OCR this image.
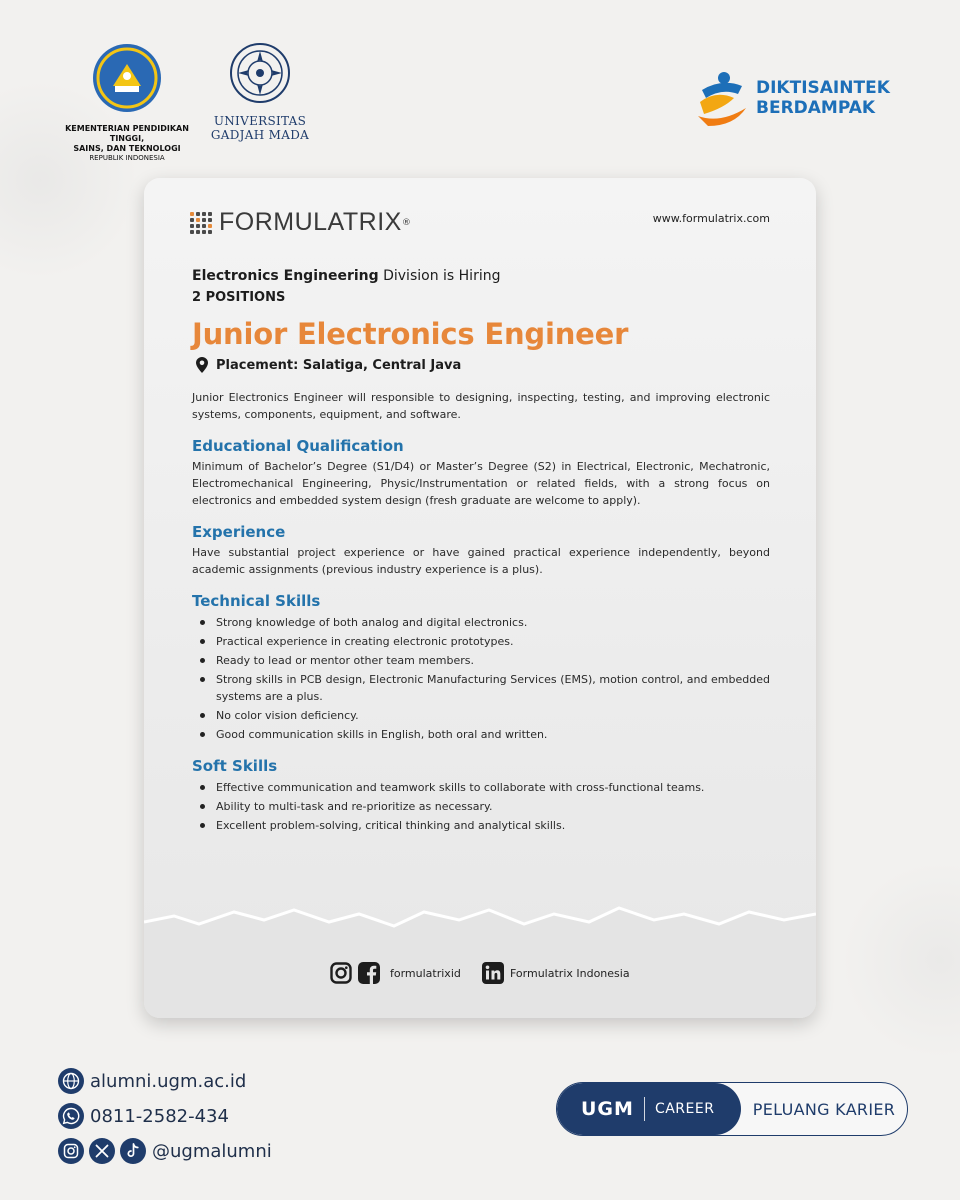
KEMENTERIAN PENDIDIKAN TINGGI,
SAINS, DAN TEKNOLOGI
REPUBLIK INDONESIA
UNIVERSITAS
GADJAH MADA
DIKTISAINTEK
BERDAMPAK
FORMULATRIX ®	www.formulatrix.com
Electronics Engineering Division is Hiring
2 POSITIONS
Junior Electronics Engineer
Placement : Salatiga, Central Java
Junior Electronics Engineer will responsible to designing, inspecting, testing, and improving electronic systems, components, equipment, and software.
Educational Qualification
Minimum of Bachelor’s Degree (S1/D4) or Master’s Degree (S2) in Electrical, Electronic, Mechatronic, Electromechanical Engineering, Physic/Instrumentation or related fields, with a strong focus on electronics and embedded system design (fresh graduate are welcome to apply).
Experience
Have substantial project experience or have gained practical experience independently, beyond academic assignments (previous industry experience is a plus).
Technical Skills
Strong knowledge of both analog and digital electronics.
Practical experience in creating electronic prototypes.
Ready to lead or mentor other team members.
Strong skills in PCB design, Electronic Manufacturing Services (EMS), motion control, and embedded systems are a plus.
No color vision deficiency.
Good communication skills in English, both oral and written.
Soft Skills
Effective communication and teamwork skills to collaborate with cross-functional teams.
Ability to multi-task and re-prioritize as necessary.
Excellent problem-solving, critical thinking and analytical skills.
formulatrixid	Formulatrix Indonesia
alumni.ugm.ac.id
0811-2582-434
@ugmalumni
UGM CAREER	PELUANG KARIER
